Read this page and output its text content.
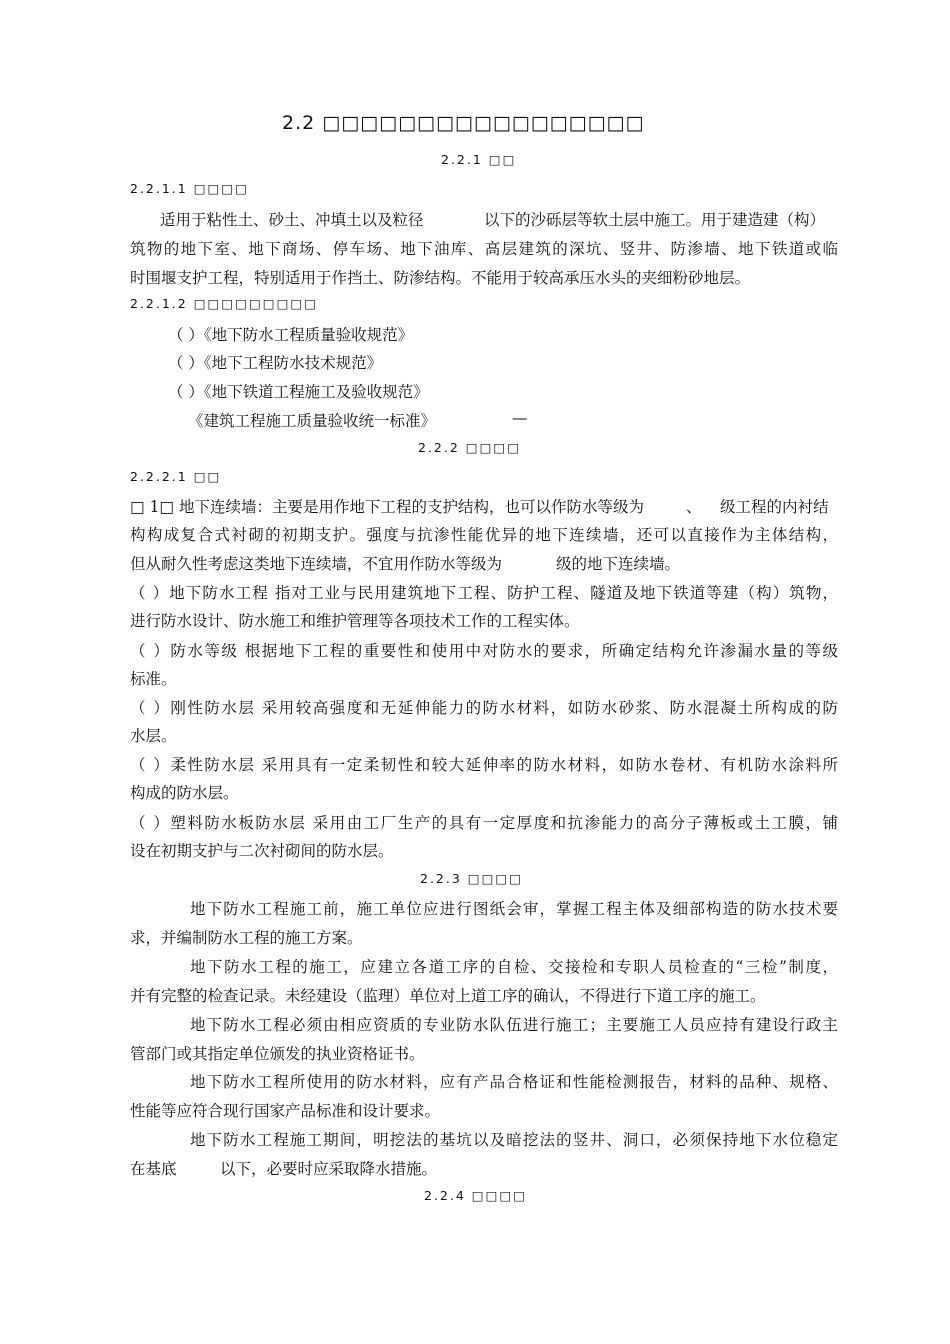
2.2 □□□□□□□□□□□□□□□□□
2.2.1 □□
2.2.1.1 □□□□
适用于粘性土、砂土、冲填土以及粒径	以下的沙砾层等软土层中施工。用于建造建（构）
筑物的地下室、地下商场、停车场、地下油库、高层建筑的深坑、竖井、防渗墙、地下铁道或临
时围堰支护工程，特别适用于作挡土、防渗结构。不能用于较高承压水头的夹细粉砂地层。
2.2.1.2 □□□□□□□□□
（ ）《地下防水工程质量验收规范》
（ ）《地下工程防水技术规范》
（ ）《地下铁道工程施工及验收规范》
《建筑工程施工质量验收统一标准》	—
2.2.2 □□□□
2.2.2.1 □□
□ 1□ 地下连续墙：主要是用作地下工程的支护结构，也可以作防水等级为	、 级工程的内衬结
构构成复合式衬砌的初期支护。强度与抗渗性能优异的地下连续墙，还可以直接作为主体结构，
但从耐久性考虑这类地下连续墙，不宜用作防水等级为	级的地下连续墙。
（ ）地下防水工程 指对工业与民用建筑地下工程、防护工程、隧道及地下铁道等建（构）筑物，
进行防水设计、防水施工和维护管理等各项技术工作的工程实体。
（ ）防水等级 根据地下工程的重要性和使用中对防水的要求，所确定结构允许渗漏水量的等级
标准。
（ ）刚性防水层 采用较高强度和无延伸能力的防水材料，如防水砂浆、防水混凝土所构成的防
水层。
（ ）柔性防水层 采用具有一定柔韧性和较大延伸率的防水材料，如防水卷材、有机防水涂料所
构成的防水层。
（ ）塑料防水板防水层 采用由工厂生产的具有一定厚度和抗渗能力的高分子薄板或土工膜，铺
设在初期支护与二次衬砌间的防水层。
2.2.3 □□□□
地下防水工程施工前，施工单位应进行图纸会审，掌握工程主体及细部构造的防水技术要
求，并编制防水工程的施工方案。
地下防水工程的施工，应建立各道工序的自检、交接检和专职人员检查的“三检”制度，
并有完整的检查记录。未经建设（监理）单位对上道工序的确认，不得进行下道工序的施工。
地下防水工程必须由相应资质的专业防水队伍进行施工；主要施工人员应持有建设行政主
管部门或其指定单位颁发的执业资格证书。
地下防水工程所使用的防水材料，应有产品合格证和性能检测报告，材料的品种、规格、
性能等应符合现行国家产品标准和设计要求。
地下防水工程施工期间，明挖法的基坑以及暗挖法的竖井、洞口，必须保持地下水位稳定
在基底	以下，必要时应采取降水措施。
2.2.4 □□□□
